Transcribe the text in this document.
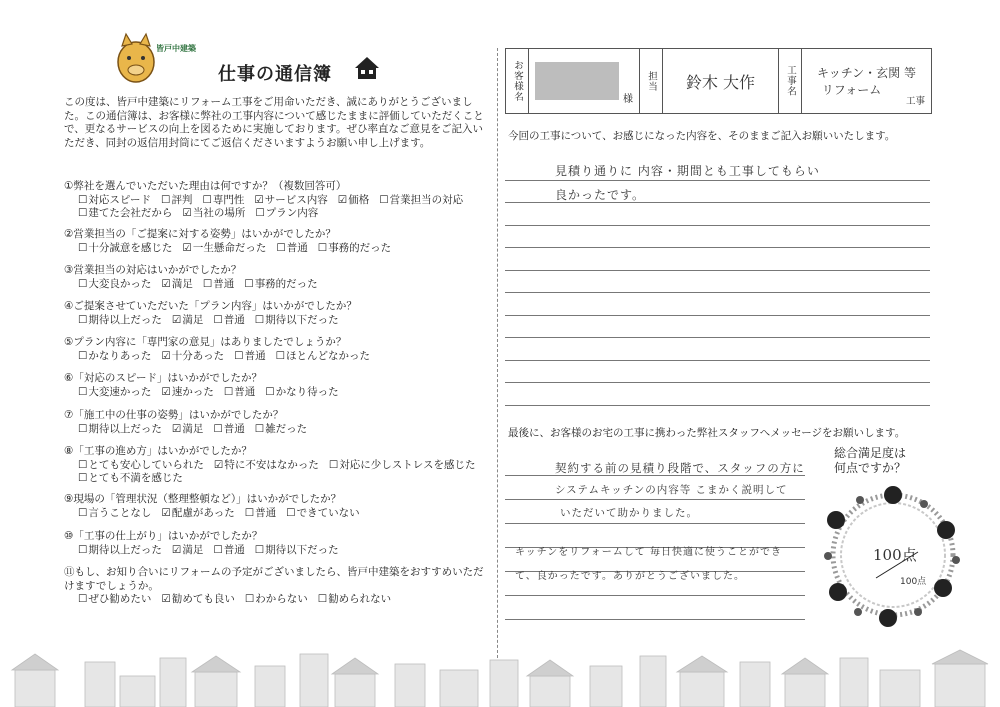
皆戸中建築
仕事の通信簿
この度は、皆戸中建築にリフォーム工事をご用命いただき、誠にありがとうございました。この通信簿は、お客様に弊社の工事内容について感じたままに評価していただくことで、更なるサービスの向上を図るために実施しております。ぜひ率直なご意見をご記入いただき、同封の返信用封筒にてご返信くださいますようお願い申し上げます。
①弊社を選んでいただいた理由は何ですか？（複数回答可）
☐ 対応スピード	☐ 評判	☐ 専門性	☑ サービス内容	☑ 価格	☐ 営業担当の対応
☐ 建てた会社だから	☑ 当社の場所	☐ プラン内容
②営業担当の「ご提案に対する姿勢」はいかがでしたか？
☐ 十分誠意を感じた	☑ 一生懸命だった	☐ 普通	☐ 事務的だった
③営業担当の対応はいかがでしたか？
☐ 大変良かった	☑ 満足	☐ 普通	☐ 事務的だった
④ご提案させていただいた「プラン内容」はいかがでしたか？
☐ 期待以上だった	☑ 満足	☐ 普通	☐ 期待以下だった
⑤プラン内容に「専門家の意見」はありましたでしょうか？
☐ かなりあった	☑ 十分あった	☐ 普通	☐ ほとんどなかった
⑥「対応のスピード」はいかがでしたか？
☐ 大変速かった	☑ 速かった	☐ 普通	☐ かなり待った
⑦「施工中の仕事の姿勢」はいかがでしたか？
☐ 期待以上だった	☑ 満足	☐ 普通	☐ 雑だった
⑧「工事の進め方」はいかがでしたか？
☐ とても安心していられた	☑ 特に不安はなかった	☐ 対応に少しストレスを感じた
☐ とても不満を感じた
⑨現場の「管理状況（整理整頓など）」はいかがでしたか？
☐ 言うことなし	☑ 配慮があった	☐ 普通	☐ できていない
⑩「工事の仕上がり」はいかがでしたか？
☐ 期待以上だった	☑ 満足	☐ 普通	☐ 期待以下だった
⑪もし、お知り合いにリフォームの予定がございましたら、皆戸中建築をおすすめいただけますでしょうか。
☐ ぜひ勧めたい	☑ 勧めても良い	☐ わからない	☐ 勧められない
お客様名	様
担当	鈴木 大作	工事名 キッチン・玄関 等
リフォーム
工事
今回の工事について、お感じになった内容を、そのままご記入お願いいたします。
見積り通りに 内容・期間とも工事してもらい
良かったです。
最後に、お客様のお宅の工事に携わった弊社スタッフへメッセージをお願いします。
総合満足度は
何点ですか？
契約する前の見積り段階で、スタッフの方に
システムキッチンの内容等 こまかく説明して
いただいて助かりました。
キッチンをリフォームして 毎日快適に使うことができ
て、良かったです。ありがとうございました。
100点
100点
